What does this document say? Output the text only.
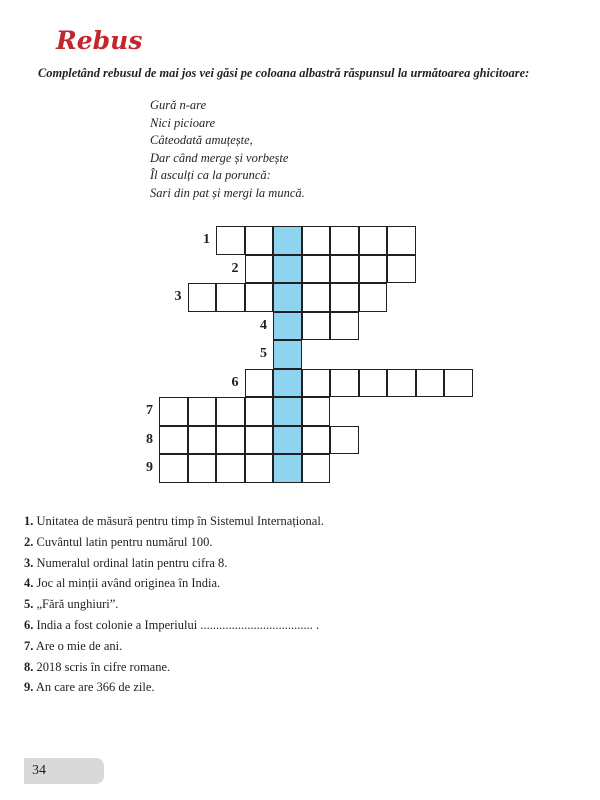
Rebus
Completând rebusul de mai jos vei găsi pe coloana albastră răspunsul la următoarea ghicitoare:
Gură n-are
Nici picioare
Câteodată amuțește,
Dar când merge și vorbește
Îl asculți ca la poruncă:
Sari din pat și mergi la muncă.
1
2
3
4
5
6
7
8
9
1. Unitatea de măsură pentru timp în Sistemul Internațional.
2. Cuvântul latin pentru numărul 100.
3. Numeralul ordinal latin pentru cifra 8.
4. Joc al minții având originea în India.
5. „Fără unghiuri”.
6. India a fost colonie a Imperiului .................................... .
7. Are o mie de ani.
8. 2018 scris în cifre romane.
9. An care are 366 de zile.
34
